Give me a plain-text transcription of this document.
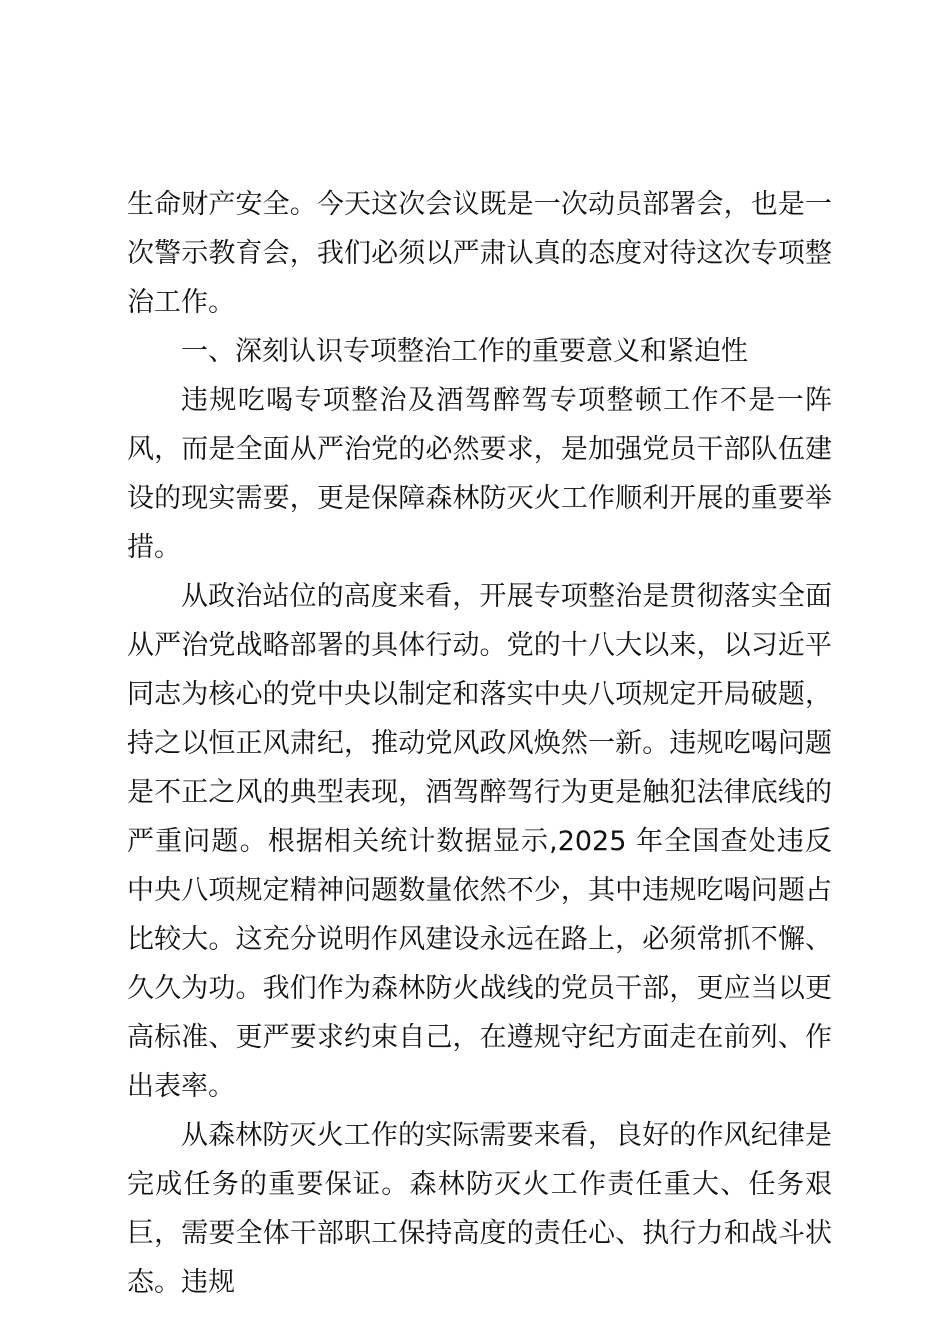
生命财产安全。今天这次会议既是一次动员部署会，也是一次警示教育会，我们必须以严肃认真的态度对待这次专项整治工作。

一、深刻认识专项整治工作的重要意义和紧迫性

违规吃喝专项整治及酒驾醉驾专项整顿工作不是一阵风，而是全面从严治党的必然要求，是加强党员干部队伍建设的现实需要，更是保障森林防灭火工作顺利开展的重要举措。

从政治站位的高度来看，开展专项整治是贯彻落实全面从严治党战略部署的具体行动。党的十八大以来，以习近平同志为核心的党中央以制定和落实中央八项规定开局破题，持之以恒正风肃纪，推动党风政风焕然一新。违规吃喝问题是不正之风的典型表现，酒驾醉驾行为更是触犯法律底线的严重问题。根据相关统计数据显示,2025 年全国查处违反中央八项规定精神问题数量依然不少，其中违规吃喝问题占比较大。这充分说明作风建设永远在路上，必须常抓不懈、久久为功。我们作为森林防火战线的党员干部，更应当以更高标准、更严要求约束自己，在遵规守纪方面走在前列、作出表率。

从森林防灭火工作的实际需要来看，良好的作风纪律是完成任务的重要保证。森林防灭火工作责任重大、任务艰巨，需要全体干部职工保持高度的责任心、执行力和战斗状态。违规
